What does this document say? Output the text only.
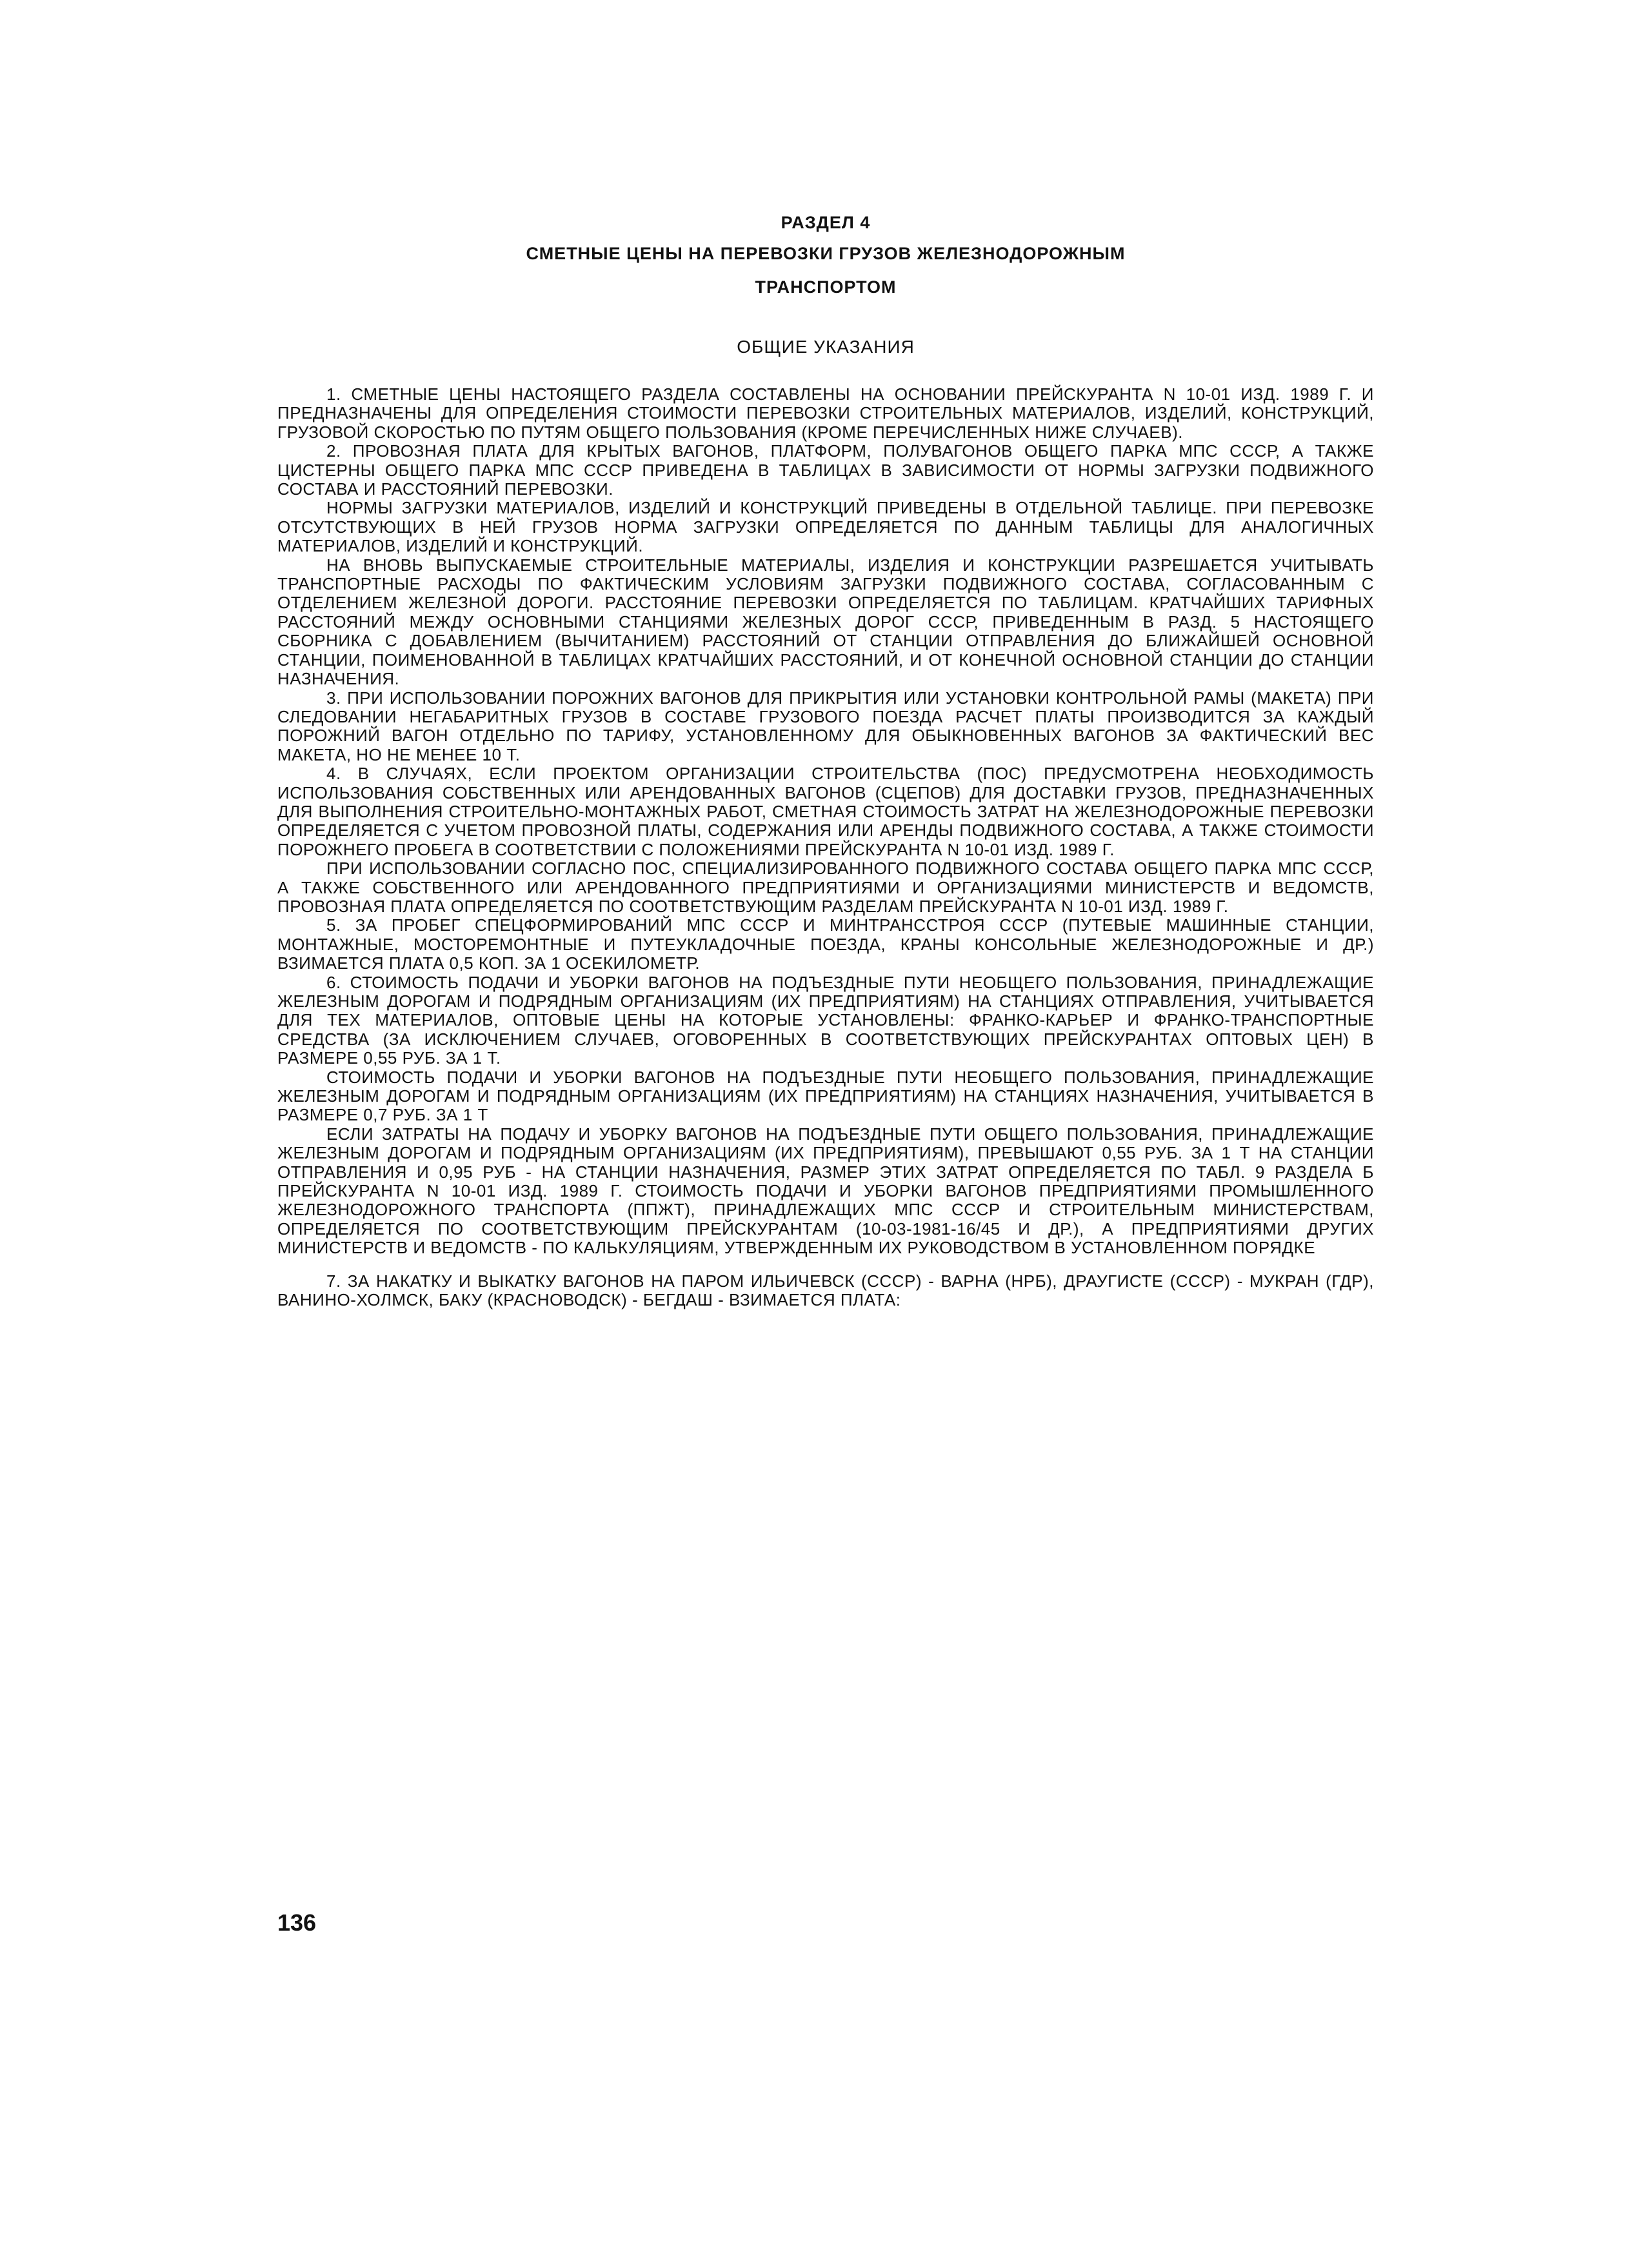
РАЗДЕЛ 4
СМЕТНЫЕ ЦЕНЫ НА ПЕРЕВОЗКИ ГРУЗОВ ЖЕЛЕЗНОДОРОЖНЫМ
ТРАНСПОРТОМ
ОБЩИЕ УКАЗАНИЯ

1. СМЕТНЫЕ ЦЕНЫ НАСТОЯЩЕГО РАЗДЕЛА СОСТАВЛЕНЫ НА ОСНОВАНИИ ПРЕЙСКУРАНТА N 10-01 ИЗД. 1989 Г. И ПРЕДНАЗНАЧЕНЫ ДЛЯ ОПРЕДЕЛЕНИЯ СТОИМОСТИ ПЕРЕВОЗКИ СТРОИТЕЛЬНЫХ МАТЕРИАЛОВ, ИЗДЕЛИЙ, КОНСТРУКЦИЙ, ГРУЗОВОЙ СКОРОСТЬЮ ПО ПУТЯМ ОБЩЕГО ПОЛЬЗОВАНИЯ (КРОМЕ ПЕРЕЧИСЛЕННЫХ НИЖЕ СЛУЧАЕВ).

2. ПРОВОЗНАЯ ПЛАТА ДЛЯ КРЫТЫХ ВАГОНОВ, ПЛАТФОРМ, ПОЛУВАГОНОВ ОБЩЕГО ПАРКА МПС СССР, А ТАКЖЕ ЦИСТЕРНЫ ОБЩЕГО ПАРКА МПС СССР ПРИВЕДЕНА В ТАБЛИЦАХ В ЗАВИСИМОСТИ ОТ НОРМЫ ЗАГРУЗКИ ПОДВИЖНОГО СОСТАВА И РАССТОЯНИЙ ПЕРЕВОЗКИ.

НОРМЫ ЗАГРУЗКИ МАТЕРИАЛОВ, ИЗДЕЛИЙ И КОНСТРУКЦИЙ ПРИВЕДЕНЫ В ОТДЕЛЬНОЙ ТАБЛИЦЕ. ПРИ ПЕРЕВОЗКЕ ОТСУТСТВУЮЩИХ В НЕЙ ГРУЗОВ НОРМА ЗАГРУЗКИ ОПРЕДЕЛЯЕТСЯ ПО ДАННЫМ ТАБЛИЦЫ ДЛЯ АНАЛОГИЧНЫХ МАТЕРИАЛОВ, ИЗДЕЛИЙ И КОНСТРУКЦИЙ.

НА ВНОВЬ ВЫПУСКАЕМЫЕ СТРОИТЕЛЬНЫЕ МАТЕРИАЛЫ, ИЗДЕЛИЯ И КОНСТРУКЦИИ РАЗРЕШАЕТСЯ УЧИТЫВАТЬ ТРАНСПОРТНЫЕ РАСХОДЫ ПО ФАКТИЧЕСКИМ УСЛОВИЯМ ЗАГРУЗКИ ПОДВИЖНОГО СОСТАВА, СОГЛАСОВАННЫМ С ОТДЕЛЕНИЕМ ЖЕЛЕЗНОЙ ДОРОГИ. РАССТОЯНИЕ ПЕРЕВОЗКИ ОПРЕДЕЛЯЕТСЯ ПО ТАБЛИЦАМ. КРАТЧАЙШИХ ТАРИФНЫХ РАССТОЯНИЙ МЕЖДУ ОСНОВНЫМИ СТАНЦИЯМИ ЖЕЛЕЗНЫХ ДОРОГ СССР, ПРИВЕДЕННЫМ В РАЗД. 5 НАСТОЯЩЕГО СБОРНИКА С ДОБАВЛЕНИЕМ (ВЫЧИТАНИЕМ) РАССТОЯНИЙ ОТ СТАНЦИИ ОТПРАВЛЕНИЯ ДО БЛИЖАЙШЕЙ ОСНОВНОЙ СТАНЦИИ, ПОИМЕНОВАННОЙ В ТАБЛИЦАХ КРАТЧАЙШИХ РАССТОЯНИЙ, И ОТ КОНЕЧНОЙ ОСНОВНОЙ СТАНЦИИ ДО СТАНЦИИ НАЗНАЧЕНИЯ.

3. ПРИ ИСПОЛЬЗОВАНИИ ПОРОЖНИХ ВАГОНОВ ДЛЯ ПРИКРЫТИЯ ИЛИ УСТАНОВКИ КОНТРОЛЬНОЙ РАМЫ (МАКЕТА) ПРИ СЛЕДОВАНИИ НЕГАБАРИТНЫХ ГРУЗОВ В СОСТАВЕ ГРУЗОВОГО ПОЕЗДА РАСЧЕТ ПЛАТЫ ПРОИЗВОДИТСЯ ЗА КАЖДЫЙ ПОРОЖНИЙ ВАГОН ОТДЕЛЬНО ПО ТАРИФУ, УСТАНОВЛЕННОМУ ДЛЯ ОБЫКНОВЕННЫХ ВАГОНОВ ЗА ФАКТИЧЕСКИЙ ВЕС МАКЕТА, НО НЕ МЕНЕЕ 10 Т.

4. В СЛУЧАЯХ, ЕСЛИ ПРОЕКТОМ ОРГАНИЗАЦИИ СТРОИТЕЛЬСТВА (ПОС) ПРЕДУСМОТРЕНА НЕОБХОДИМОСТЬ ИСПОЛЬЗОВАНИЯ СОБСТВЕННЫХ ИЛИ АРЕНДОВАННЫХ ВАГОНОВ (СЦЕПОВ) ДЛЯ ДОСТАВКИ ГРУЗОВ, ПРЕДНАЗНАЧЕННЫХ ДЛЯ ВЫПОЛНЕНИЯ СТРОИТЕЛЬНО-МОНТАЖНЫХ РАБОТ, СМЕТНАЯ СТОИМОСТЬ ЗАТРАТ НА ЖЕЛЕЗНОДОРОЖНЫЕ ПЕРЕВОЗКИ ОПРЕДЕЛЯЕТСЯ С УЧЕТОМ ПРОВОЗНОЙ ПЛАТЫ, СОДЕРЖАНИЯ ИЛИ АРЕНДЫ ПОДВИЖНОГО СОСТАВА, А ТАКЖЕ СТОИМОСТИ ПОРОЖНЕГО ПРОБЕГА В СООТВЕТСТВИИ С ПОЛОЖЕНИЯМИ ПРЕЙСКУРАНТА N 10-01 ИЗД. 1989 Г.

ПРИ ИСПОЛЬЗОВАНИИ СОГЛАСНО ПОС, СПЕЦИАЛИЗИРОВАННОГО ПОДВИЖНОГО СОСТАВА ОБЩЕГО ПАРКА МПС СССР, А ТАКЖЕ СОБСТВЕННОГО ИЛИ АРЕНДОВАННОГО ПРЕДПРИЯТИЯМИ И ОРГАНИЗАЦИЯМИ МИНИСТЕРСТВ И ВЕДОМСТВ, ПРОВОЗНАЯ ПЛАТА ОПРЕДЕЛЯЕТСЯ ПО СООТВЕТСТВУЮЩИМ РАЗДЕЛАМ ПРЕЙСКУРАНТА N 10-01 ИЗД. 1989 Г.

5. ЗА ПРОБЕГ СПЕЦФОРМИРОВАНИЙ МПС СССР И МИНТРАНССТРОЯ СССР (ПУТЕВЫЕ МАШИННЫЕ СТАНЦИИ, МОНТАЖНЫЕ, МОСТОРЕМОНТНЫЕ И ПУТЕУКЛАДОЧНЫЕ ПОЕЗДА, КРАНЫ КОНСОЛЬНЫЕ ЖЕЛЕЗНОДОРОЖНЫЕ И ДР.) ВЗИМАЕТСЯ ПЛАТА 0,5 КОП. ЗА 1 ОСЕКИЛОМЕТР.

6. СТОИМОСТЬ ПОДАЧИ И УБОРКИ ВАГОНОВ НА ПОДЪЕЗДНЫЕ ПУТИ НЕОБЩЕГО ПОЛЬЗОВАНИЯ, ПРИНАДЛЕЖАЩИЕ ЖЕЛЕЗНЫМ ДОРОГАМ И ПОДРЯДНЫМ ОРГАНИЗАЦИЯМ (ИХ ПРЕДПРИЯТИЯМ) НА СТАНЦИЯХ ОТПРАВЛЕНИЯ, УЧИТЫВАЕТСЯ ДЛЯ ТЕХ МАТЕРИАЛОВ, ОПТОВЫЕ ЦЕНЫ НА КОТОРЫЕ УСТАНОВЛЕНЫ: ФРАНКО-КАРЬЕР И ФРАНКО-ТРАНСПОРТНЫЕ СРЕДСТВА (ЗА ИСКЛЮЧЕНИЕМ СЛУЧАЕВ, ОГОВОРЕННЫХ В СООТВЕТСТВУЮЩИХ ПРЕЙСКУРАНТАХ ОПТОВЫХ ЦЕН) В РАЗМЕРЕ 0,55 РУБ. ЗА 1 Т.

СТОИМОСТЬ ПОДАЧИ И УБОРКИ ВАГОНОВ НА ПОДЪЕЗДНЫЕ ПУТИ НЕОБЩЕГО ПОЛЬЗОВАНИЯ, ПРИНАДЛЕЖАЩИЕ ЖЕЛЕЗНЫМ ДОРОГАМ И ПОДРЯДНЫМ ОРГАНИЗАЦИЯМ (ИХ ПРЕДПРИЯТИЯМ) НА СТАНЦИЯХ НАЗНАЧЕНИЯ, УЧИТЫВАЕТСЯ В РАЗМЕРЕ 0,7 РУБ. ЗА 1 Т

ЕСЛИ ЗАТРАТЫ НА ПОДАЧУ И УБОРКУ ВАГОНОВ НА ПОДЪЕЗДНЫЕ ПУТИ ОБЩЕГО ПОЛЬЗОВАНИЯ, ПРИНАДЛЕЖАЩИЕ ЖЕЛЕЗНЫМ ДОРОГАМ И ПОДРЯДНЫМ ОРГАНИЗАЦИЯМ (ИХ ПРЕДПРИЯТИЯМ), ПРЕВЫШАЮТ 0,55 РУБ. ЗА 1 Т НА СТАНЦИИ ОТПРАВЛЕНИЯ И 0,95 РУБ - НА СТАНЦИИ НАЗНАЧЕНИЯ, РАЗМЕР ЭТИХ ЗАТРАТ ОПРЕДЕЛЯЕТСЯ ПО ТАБЛ. 9 РАЗДЕЛА Б ПРЕЙСКУРАНТА N 10-01 ИЗД. 1989 Г. СТОИМОСТЬ ПОДАЧИ И УБОРКИ ВАГОНОВ ПРЕДПРИЯТИЯМИ ПРОМЫШЛЕННОГО ЖЕЛЕЗНОДОРОЖНОГО ТРАНСПОРТА (ППЖТ), ПРИНАДЛЕЖАЩИХ МПС СССР И СТРОИТЕЛЬНЫМ МИНИСТЕРСТВАМ, ОПРЕДЕЛЯЕТСЯ ПО СООТВЕТСТВУЮЩИМ ПРЕЙСКУРАНТАМ (10-03-1981-16/45 И ДР.), А ПРЕДПРИЯТИЯМИ ДРУГИХ МИНИСТЕРСТВ И ВЕДОМСТВ - ПО КАЛЬКУЛЯЦИЯМ, УТВЕРЖДЕННЫМ ИХ РУКОВОДСТВОМ В УСТАНОВЛЕННОМ ПОРЯДКЕ

7. ЗА НАКАТКУ И ВЫКАТКУ ВАГОНОВ НА ПАРОМ ИЛЬИЧЕВСК (СССР) - ВАРНА (НРБ), ДРАУГИСТЕ (СССР) - МУКРАН (ГДР), ВАНИНО-ХОЛМСК, БАКУ (КРАСНОВОДСК) - БЕГДАШ - ВЗИМАЕТСЯ ПЛАТА:

136
